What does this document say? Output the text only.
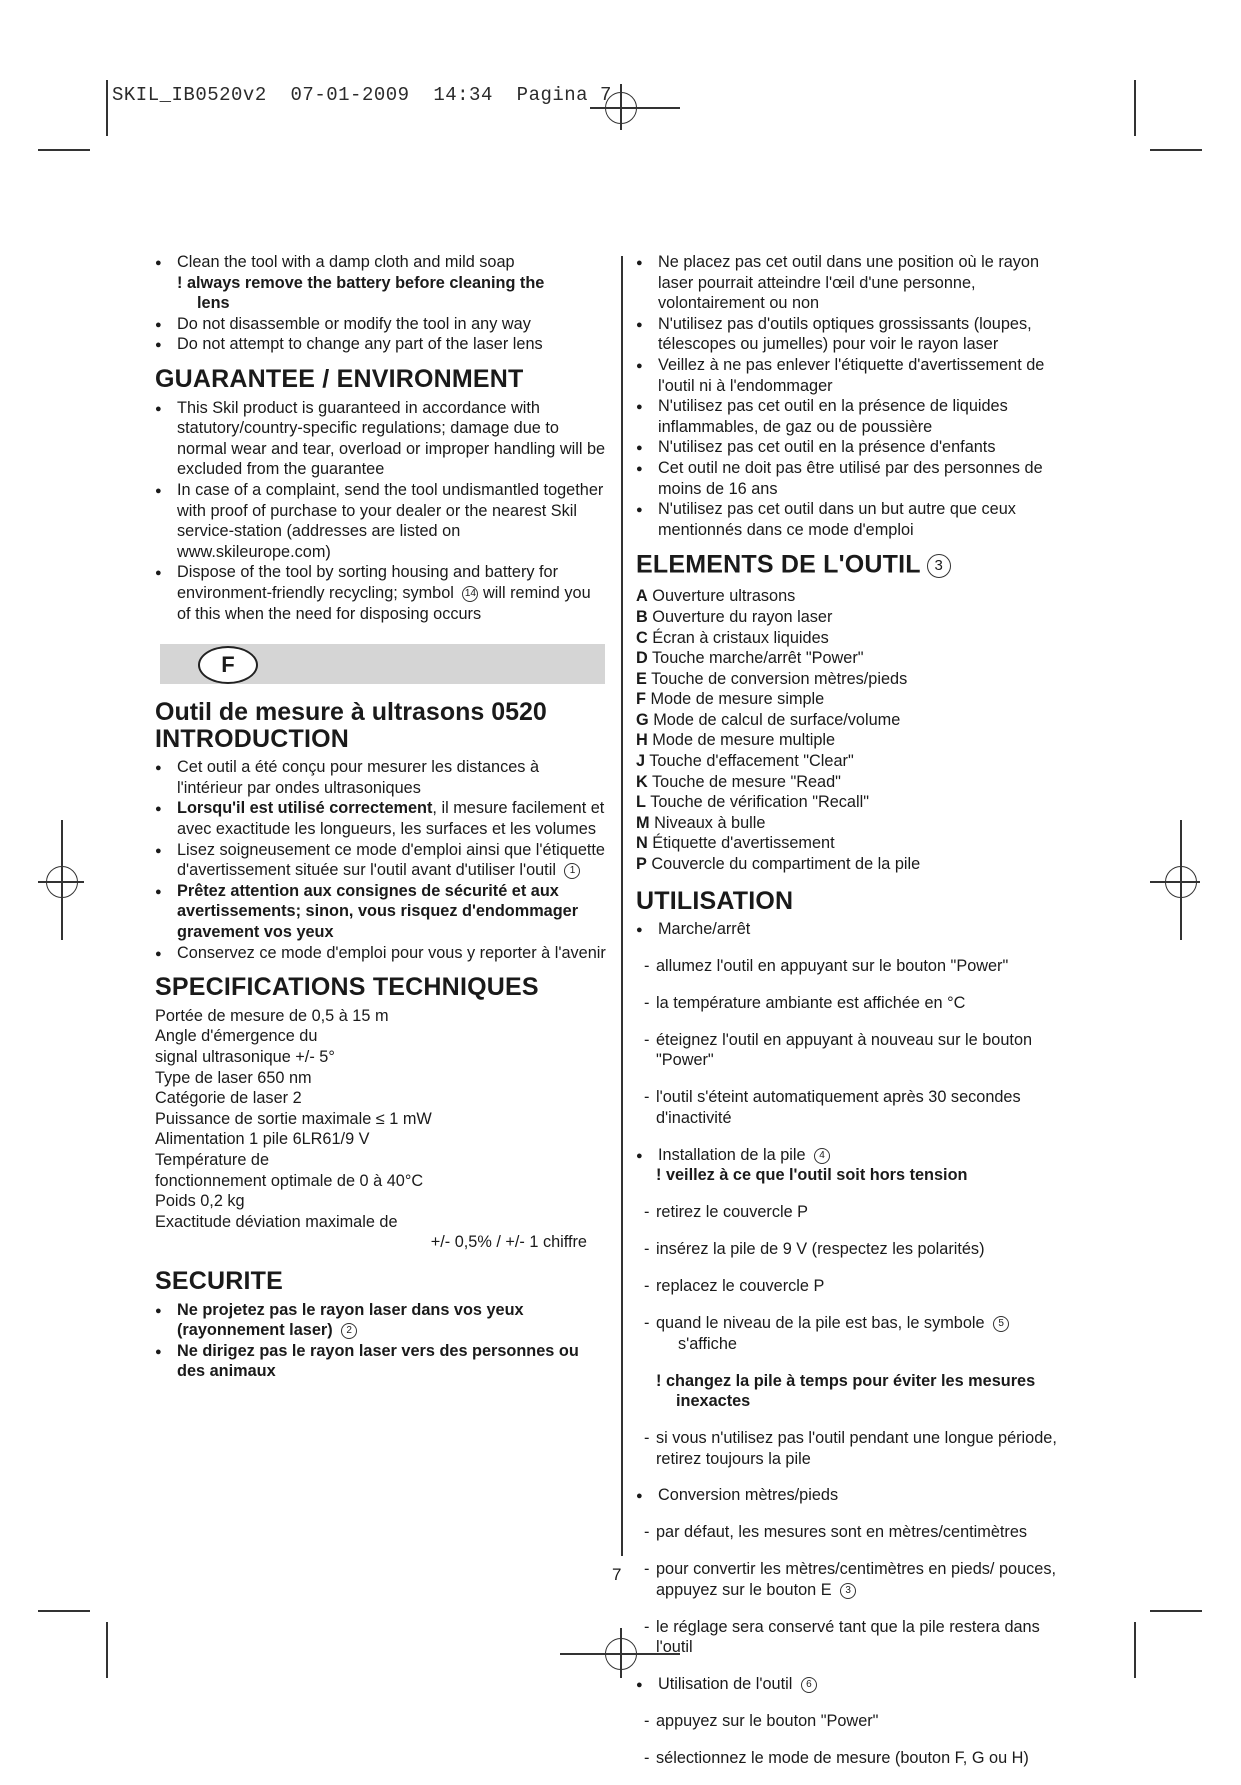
SKIL_IB0520v2  07-01-2009  14:34  Pagina 7

● Clean the tool with a damp cloth and mild soap

! always remove the battery before cleaning the
lens

● Do not disassemble or modify the tool in any way

● Do not attempt to change any part of the laser lens

GUARANTEE / ENVIRONMENT

● This Skil product is guaranteed in accordance with statutory/country-specific regulations; damage due to normal wear and tear, overload or improper handling will be excluded from the guarantee

● In case of a complaint, send the tool undismantled together with proof of purchase to your dealer or the nearest Skil service-station (addresses are listed on www.skileurope.com)

● Dispose of the tool by sorting housing and battery for environment-friendly recycling; symbol 14 will remind you of this when the need for disposing occurs

F
Outil de mesure à ultrasons 0520
INTRODUCTION

● Cet outil a été conçu pour mesurer les distances à l'intérieur par ondes ultrasoniques

● Lorsqu'il est utilisé correctement, il mesure facilement et avec exactitude les longueurs, les surfaces et les volumes

● Lisez soigneusement ce mode d'emploi ainsi que l'étiquette d'avertissement située sur l'outil avant d'utiliser l'outil 1

● Prêtez attention aux consignes de sécurité et aux avertissements; sinon, vous risquez d'endommager gravement vos yeux

● Conservez ce mode d'emploi pour vous y reporter à l'avenir

SPECIFICATIONS TECHNIQUES

Portée de mesure de 0,5 à 15 m

Angle d'émergence du

signal ultrasonique +/- 5°

Type de laser 650 nm

Catégorie de laser 2

Puissance de sortie maximale ≤ 1 mW

Alimentation 1 pile 6LR61/9 V

Température de

fonctionnement optimale de 0 à 40°C

Poids 0,2 kg

Exactitude déviation maximale de

+/- 0,5% / +/- 1 chiffre

SECURITE

● Ne projetez pas le rayon laser dans vos yeux (rayonnement laser) 2

● Ne dirigez pas le rayon laser vers des personnes ou des animaux

● Ne placez pas cet outil dans une position où le rayon laser pourrait atteindre l'œil d'une personne, volontairement ou non

● N'utilisez pas d'outils optiques grossissants (loupes, télescopes ou jumelles) pour voir le rayon laser

● Veillez à ne pas enlever l'étiquette d'avertissement de l'outil ni à l'endommager

● N'utilisez pas cet outil en la présence de liquides inflammables, de gaz ou de poussière

● N'utilisez pas cet outil en la présence d'enfants

● Cet outil ne doit pas être utilisé par des personnes de moins de 16 ans

● N'utilisez pas cet outil dans un but autre que ceux mentionnés dans ce mode d'emploi

ELEMENTS DE L'OUTIL 3

A Ouverture ultrasons

B Ouverture du rayon laser

C Écran à cristaux liquides

D Touche marche/arrêt "Power"

E Touche de conversion mètres/pieds

F Mode de mesure simple

G Mode de calcul de surface/volume

H Mode de mesure multiple

J Touche d'effacement "Clear"

K Touche de mesure "Read"

L Touche de vérification "Recall"

M Niveaux à bulle

N Étiquette d'avertissement

P Couvercle du compartiment de la pile

UTILISATION

● Marche/arrêt

- allumez l'outil en appuyant sur le bouton "Power"

- la température ambiante est affichée en °C

- éteignez l'outil en appuyant à nouveau sur le bouton "Power"

- l'outil s'éteint automatiquement après 30 secondes d'inactivité

● Installation de la pile 4

! veillez à ce que l'outil soit hors tension

- retirez le couvercle P

- insérez la pile de 9 V (respectez les polarités)

- replacez le couvercle P

- quand le niveau de la pile est bas, le symbole 5
s'affiche

! changez la pile à temps pour éviter les mesures
inexactes

- si vous n'utilisez pas l'outil pendant une longue période, retirez toujours la pile

● Conversion mètres/pieds

- par défaut, les mesures sont en mètres/centimètres

- pour convertir les mètres/centimètres en pieds/ pouces, appuyez sur le bouton E 3

- le réglage sera conservé tant que la pile restera dans l'outil

● Utilisation de l'outil 6

- appuyez sur le bouton "Power"

- sélectionnez le mode de mesure (bouton F, G ou H)

7
